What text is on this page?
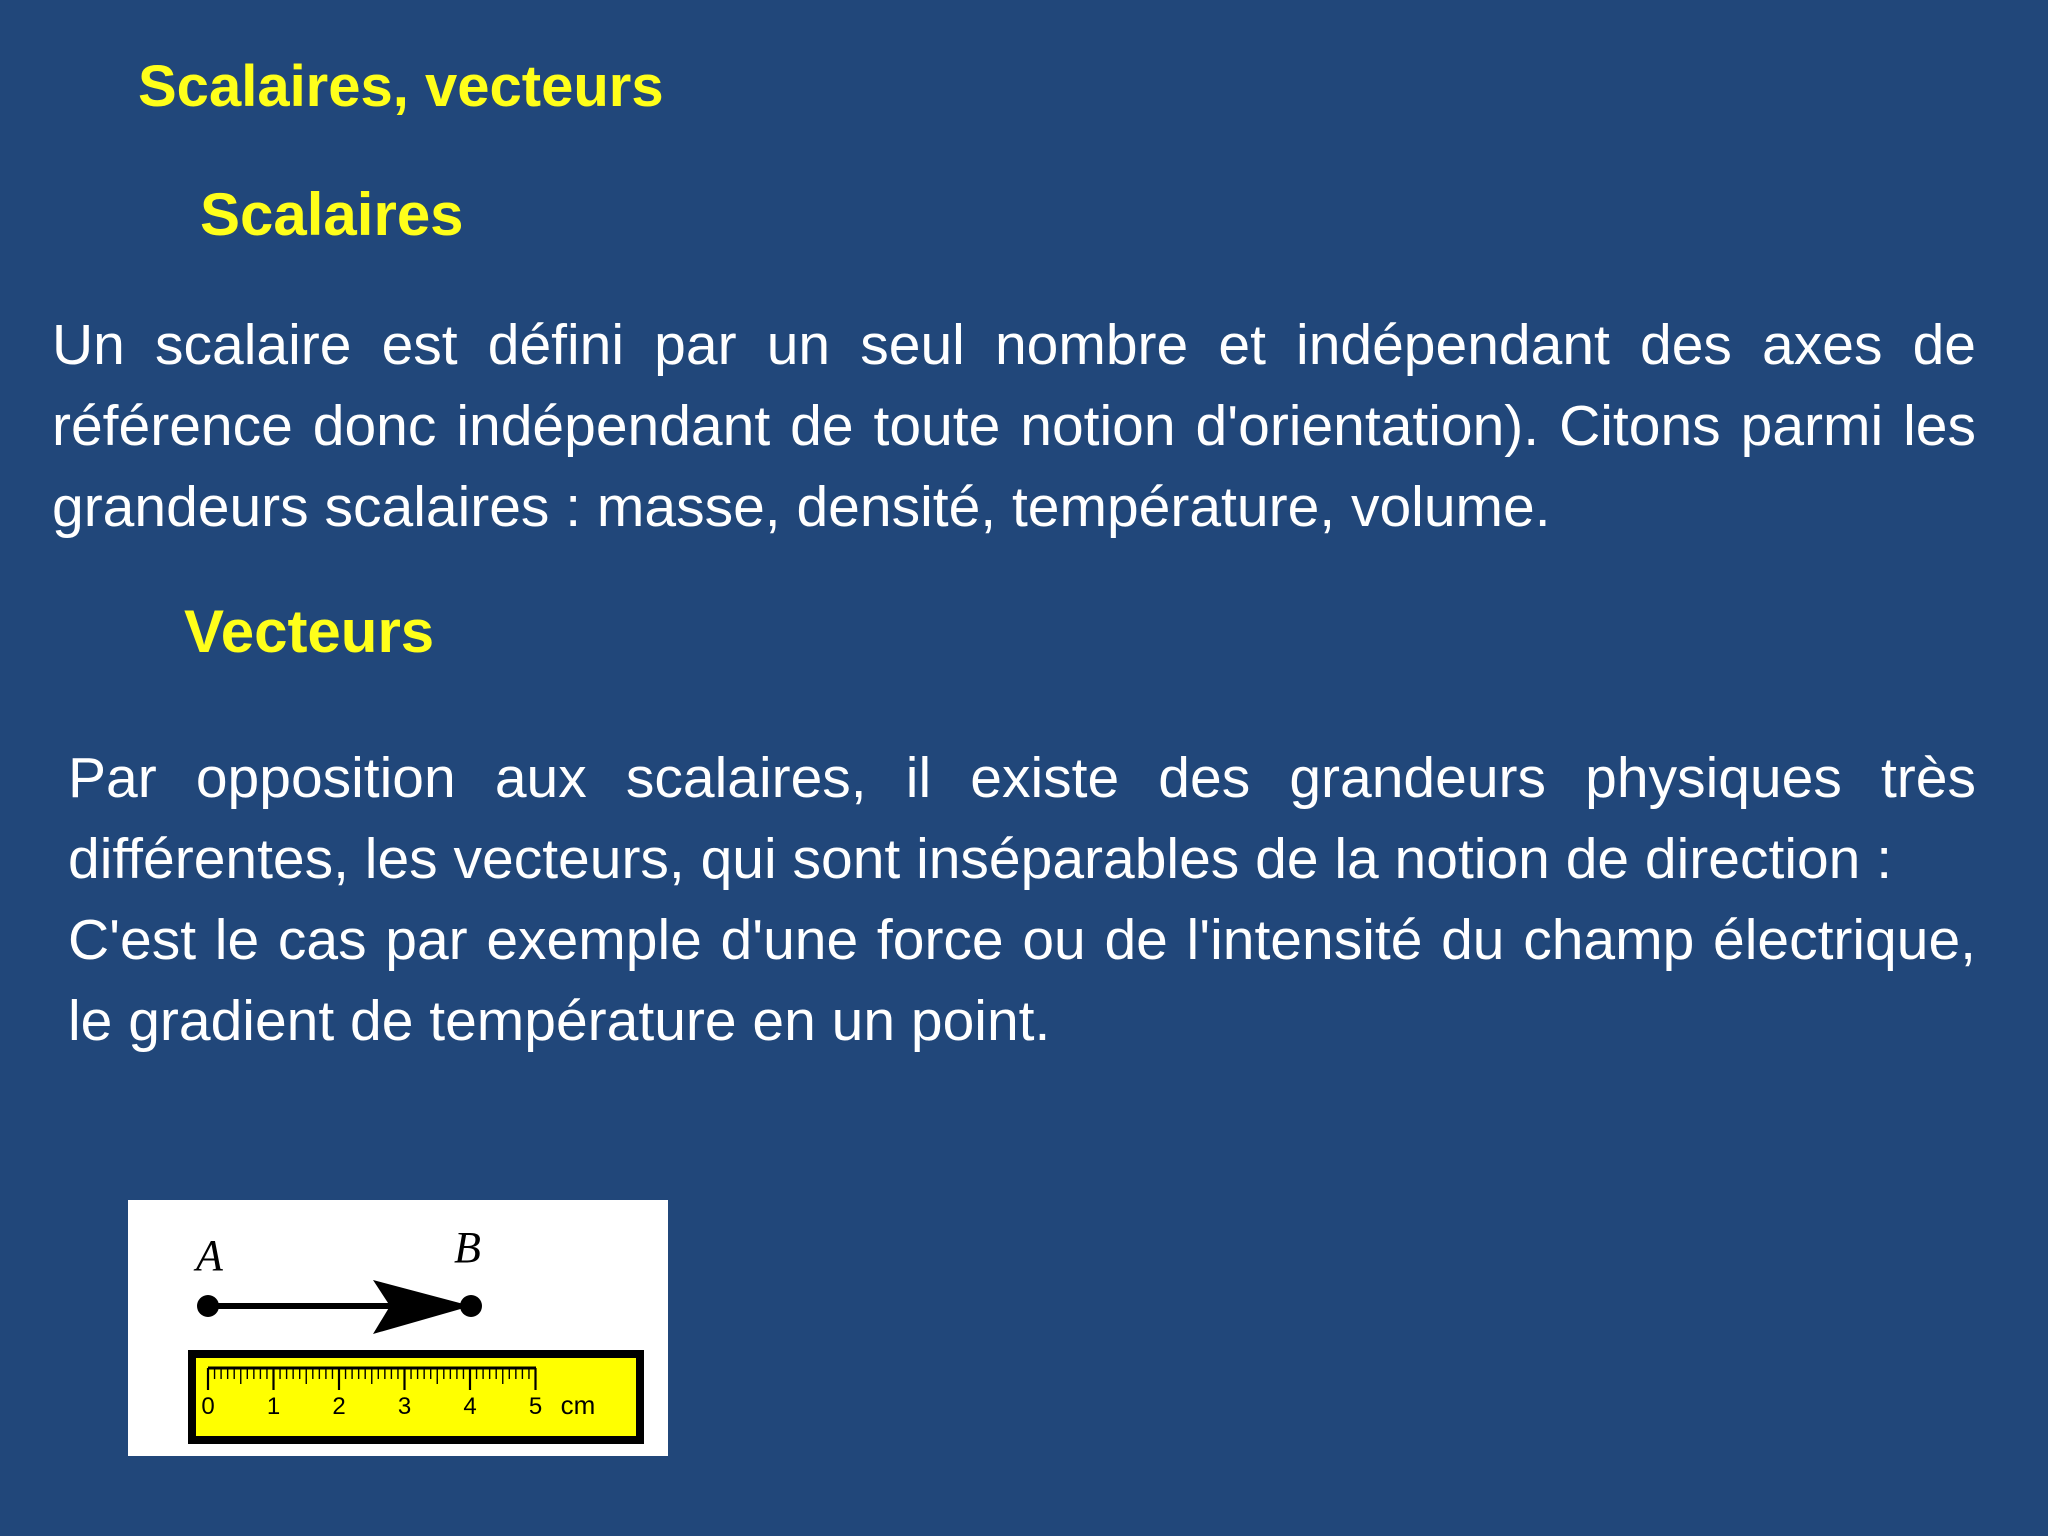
Scalaires, vecteurs
Scalaires

Un scalaire est défini par un seul nombre et indépendant des axes de référence donc indépendant de toute notion d'orientation). Citons parmi les grandeurs scalaires : masse, densité, température, volume.

Vecteurs
Par opposition aux scalaires, il existe des grandeurs physiques très différentes, les vecteurs, qui sont inséparables de la notion de direction :
C'est le cas par exemple d'une force ou de l'intensité du champ électrique, le gradient de température en un point.
A	B
0 1 2 3 4 5 cm
